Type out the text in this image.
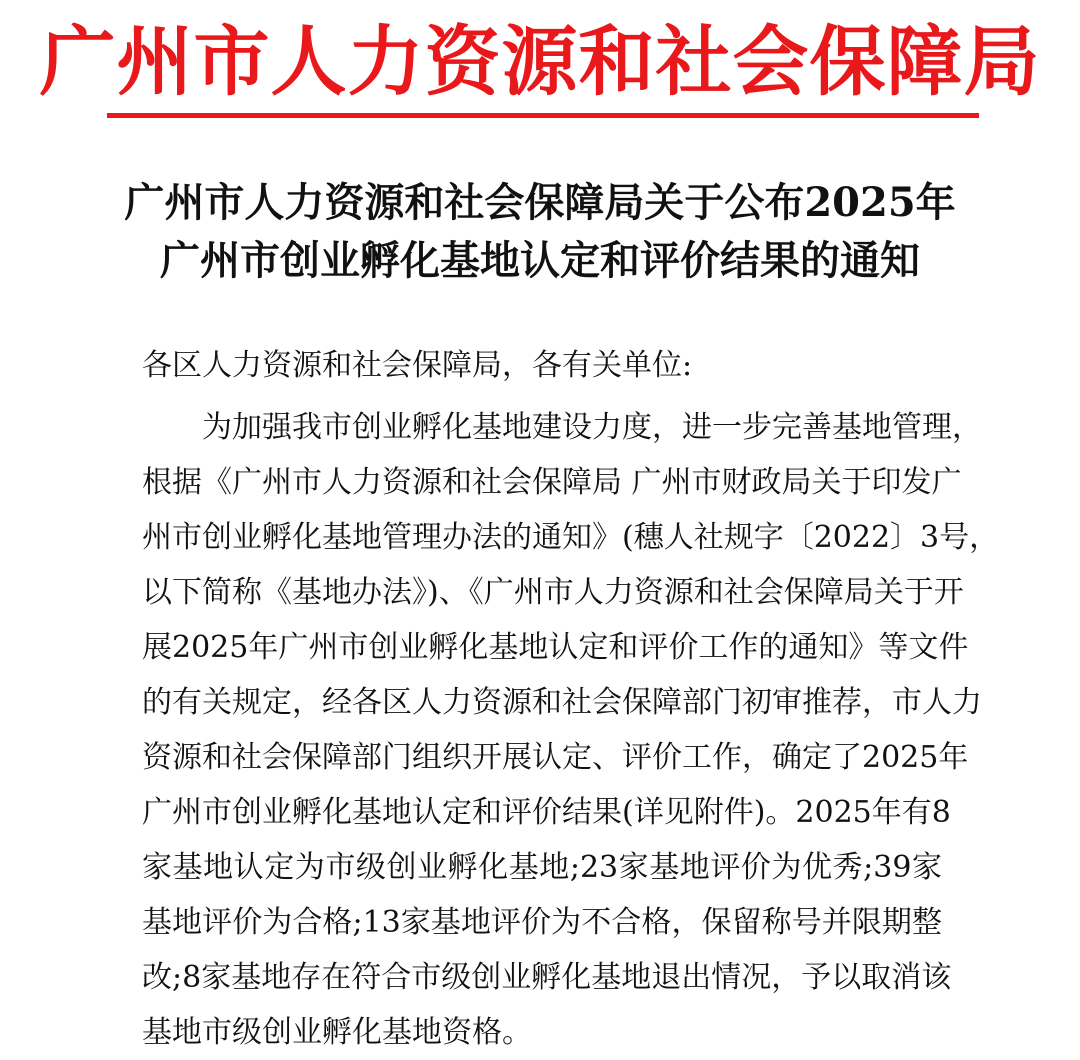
广州市人力资源和社会保障局
广州市人力资源和社会保障局关于公布2025年
广州市创业孵化基地认定和评价结果的通知
各区人力资源和社会保障局，各有关单位:
为加强我市创业孵化基地建设力度，进一步完善基地管理，
根据《广州市人力资源和社会保障局 广州市财政局关于印发广
州市创业孵化基地管理办法的通知》(穗人社规字〔2022〕3号，
以下简称《基地办法》)、《广州市人力资源和社会保障局关于开
展2025年广州市创业孵化基地认定和评价工作的通知》等文件
的有关规定，经各区人力资源和社会保障部门初审推荐，市人力
资源和社会保障部门组织开展认定、评价工作，确定了2025年
广州市创业孵化基地认定和评价结果(详见附件)。2025年有8
家基地认定为市级创业孵化基地;23家基地评价为优秀;39家
基地评价为合格;13家基地评价为不合格，保留称号并限期整
改;8家基地存在符合市级创业孵化基地退出情况，予以取消该
基地市级创业孵化基地资格。
